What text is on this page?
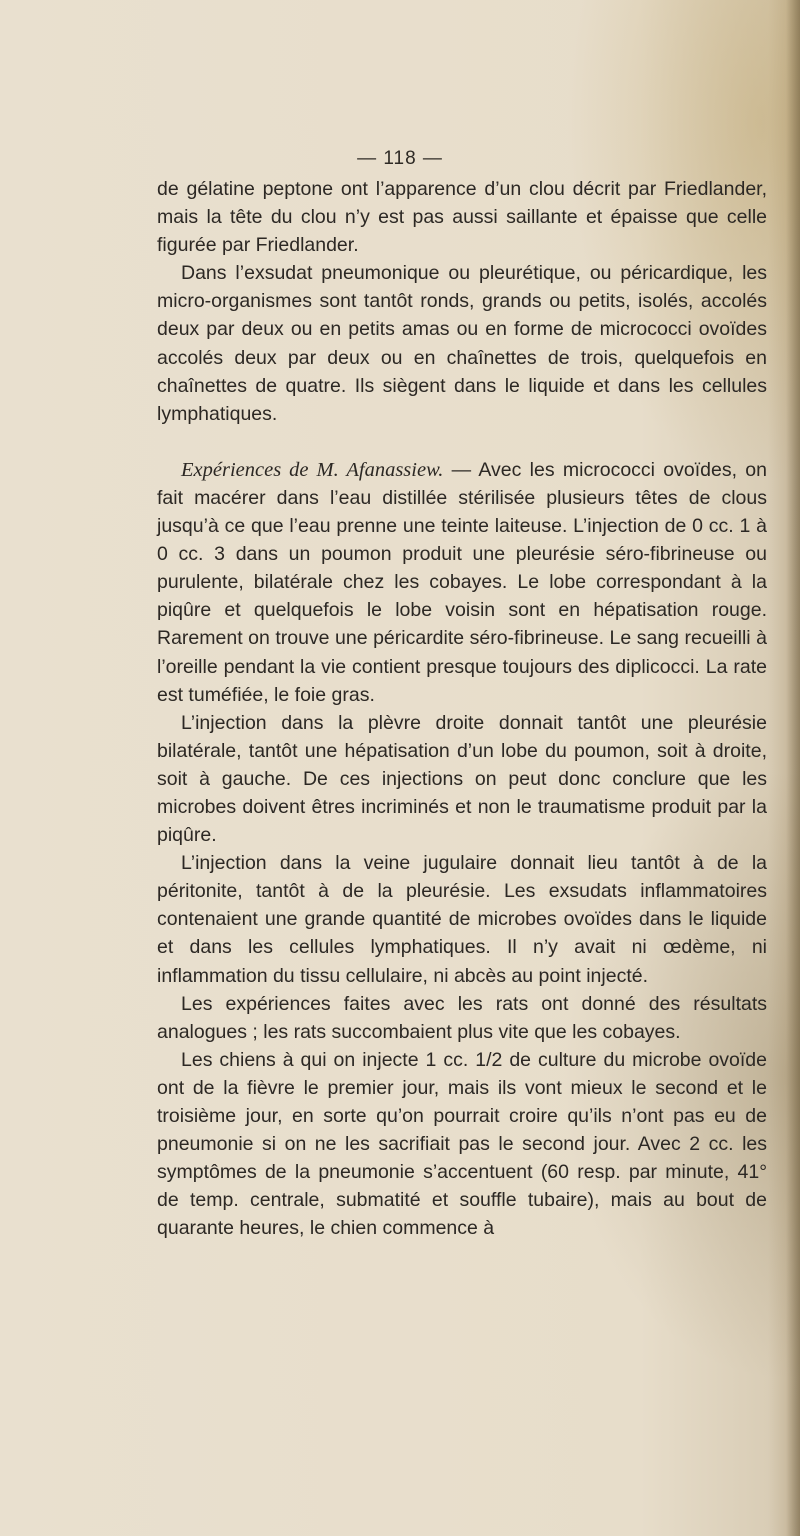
— 118 —

de gélatine peptone ont l’apparence d’un clou décrit par Friedlander, mais la tête du clou n’y est pas aussi saillante et épaisse que celle figurée par Friedlander.

Dans l’exsudat pneumonique ou pleurétique, ou péricardique, les micro-organismes sont tantôt ronds, grands ou petits, isolés, accolés deux par deux ou en petits amas ou en forme de micrococci ovoïdes accolés deux par deux ou en chaînettes de trois, quelquefois en chaînettes de quatre. Ils siègent dans le liquide et dans les cellules lymphatiques.

Expériences de M. Afanassiew. — Avec les micrococci ovoïdes, on fait macérer dans l’eau distillée stérilisée plusieurs têtes de clous jusqu’à ce que l’eau prenne une teinte laiteuse. L’injection de 0 cc. 1 à 0 cc. 3 dans un poumon produit une pleurésie séro-fibrineuse ou purulente, bilatérale chez les cobayes. Le lobe correspondant à la piqûre et quelquefois le lobe voisin sont en hépatisation rouge. Rarement on trouve une péricardite séro-fibrineuse. Le sang recueilli à l’oreille pendant la vie contient presque toujours des diplicocci. La rate est tuméfiée, le foie gras.

L’injection dans la plèvre droite donnait tantôt une pleurésie bilatérale, tantôt une hépatisation d’un lobe du poumon, soit à droite, soit à gauche. De ces injections on peut donc conclure que les microbes doivent êtres incriminés et non le traumatisme produit par la piqûre.

L’injection dans la veine jugulaire donnait lieu tantôt à de la péritonite, tantôt à de la pleurésie. Les exsudats inflammatoires contenaient une grande quantité de microbes ovoïdes dans le liquide et dans les cellules lymphatiques. Il n’y avait ni œdème, ni inflammation du tissu cellulaire, ni abcès au point injecté.

Les expériences faites avec les rats ont donné des résultats analogues ; les rats succombaient plus vite que les cobayes.

Les chiens à qui on injecte 1 cc. 1/2 de culture du microbe ovoïde ont de la fièvre le premier jour, mais ils vont mieux le second et le troisième jour, en sorte qu’on pourrait croire qu’ils n’ont pas eu de pneumonie si on ne les sacrifiait pas le second jour. Avec 2 cc. les symptômes de la pneumonie s’accentuent (60 resp. par minute, 41° de temp. centrale, submatité et souffle tubaire), mais au bout de quarante heures, le chien commence à
